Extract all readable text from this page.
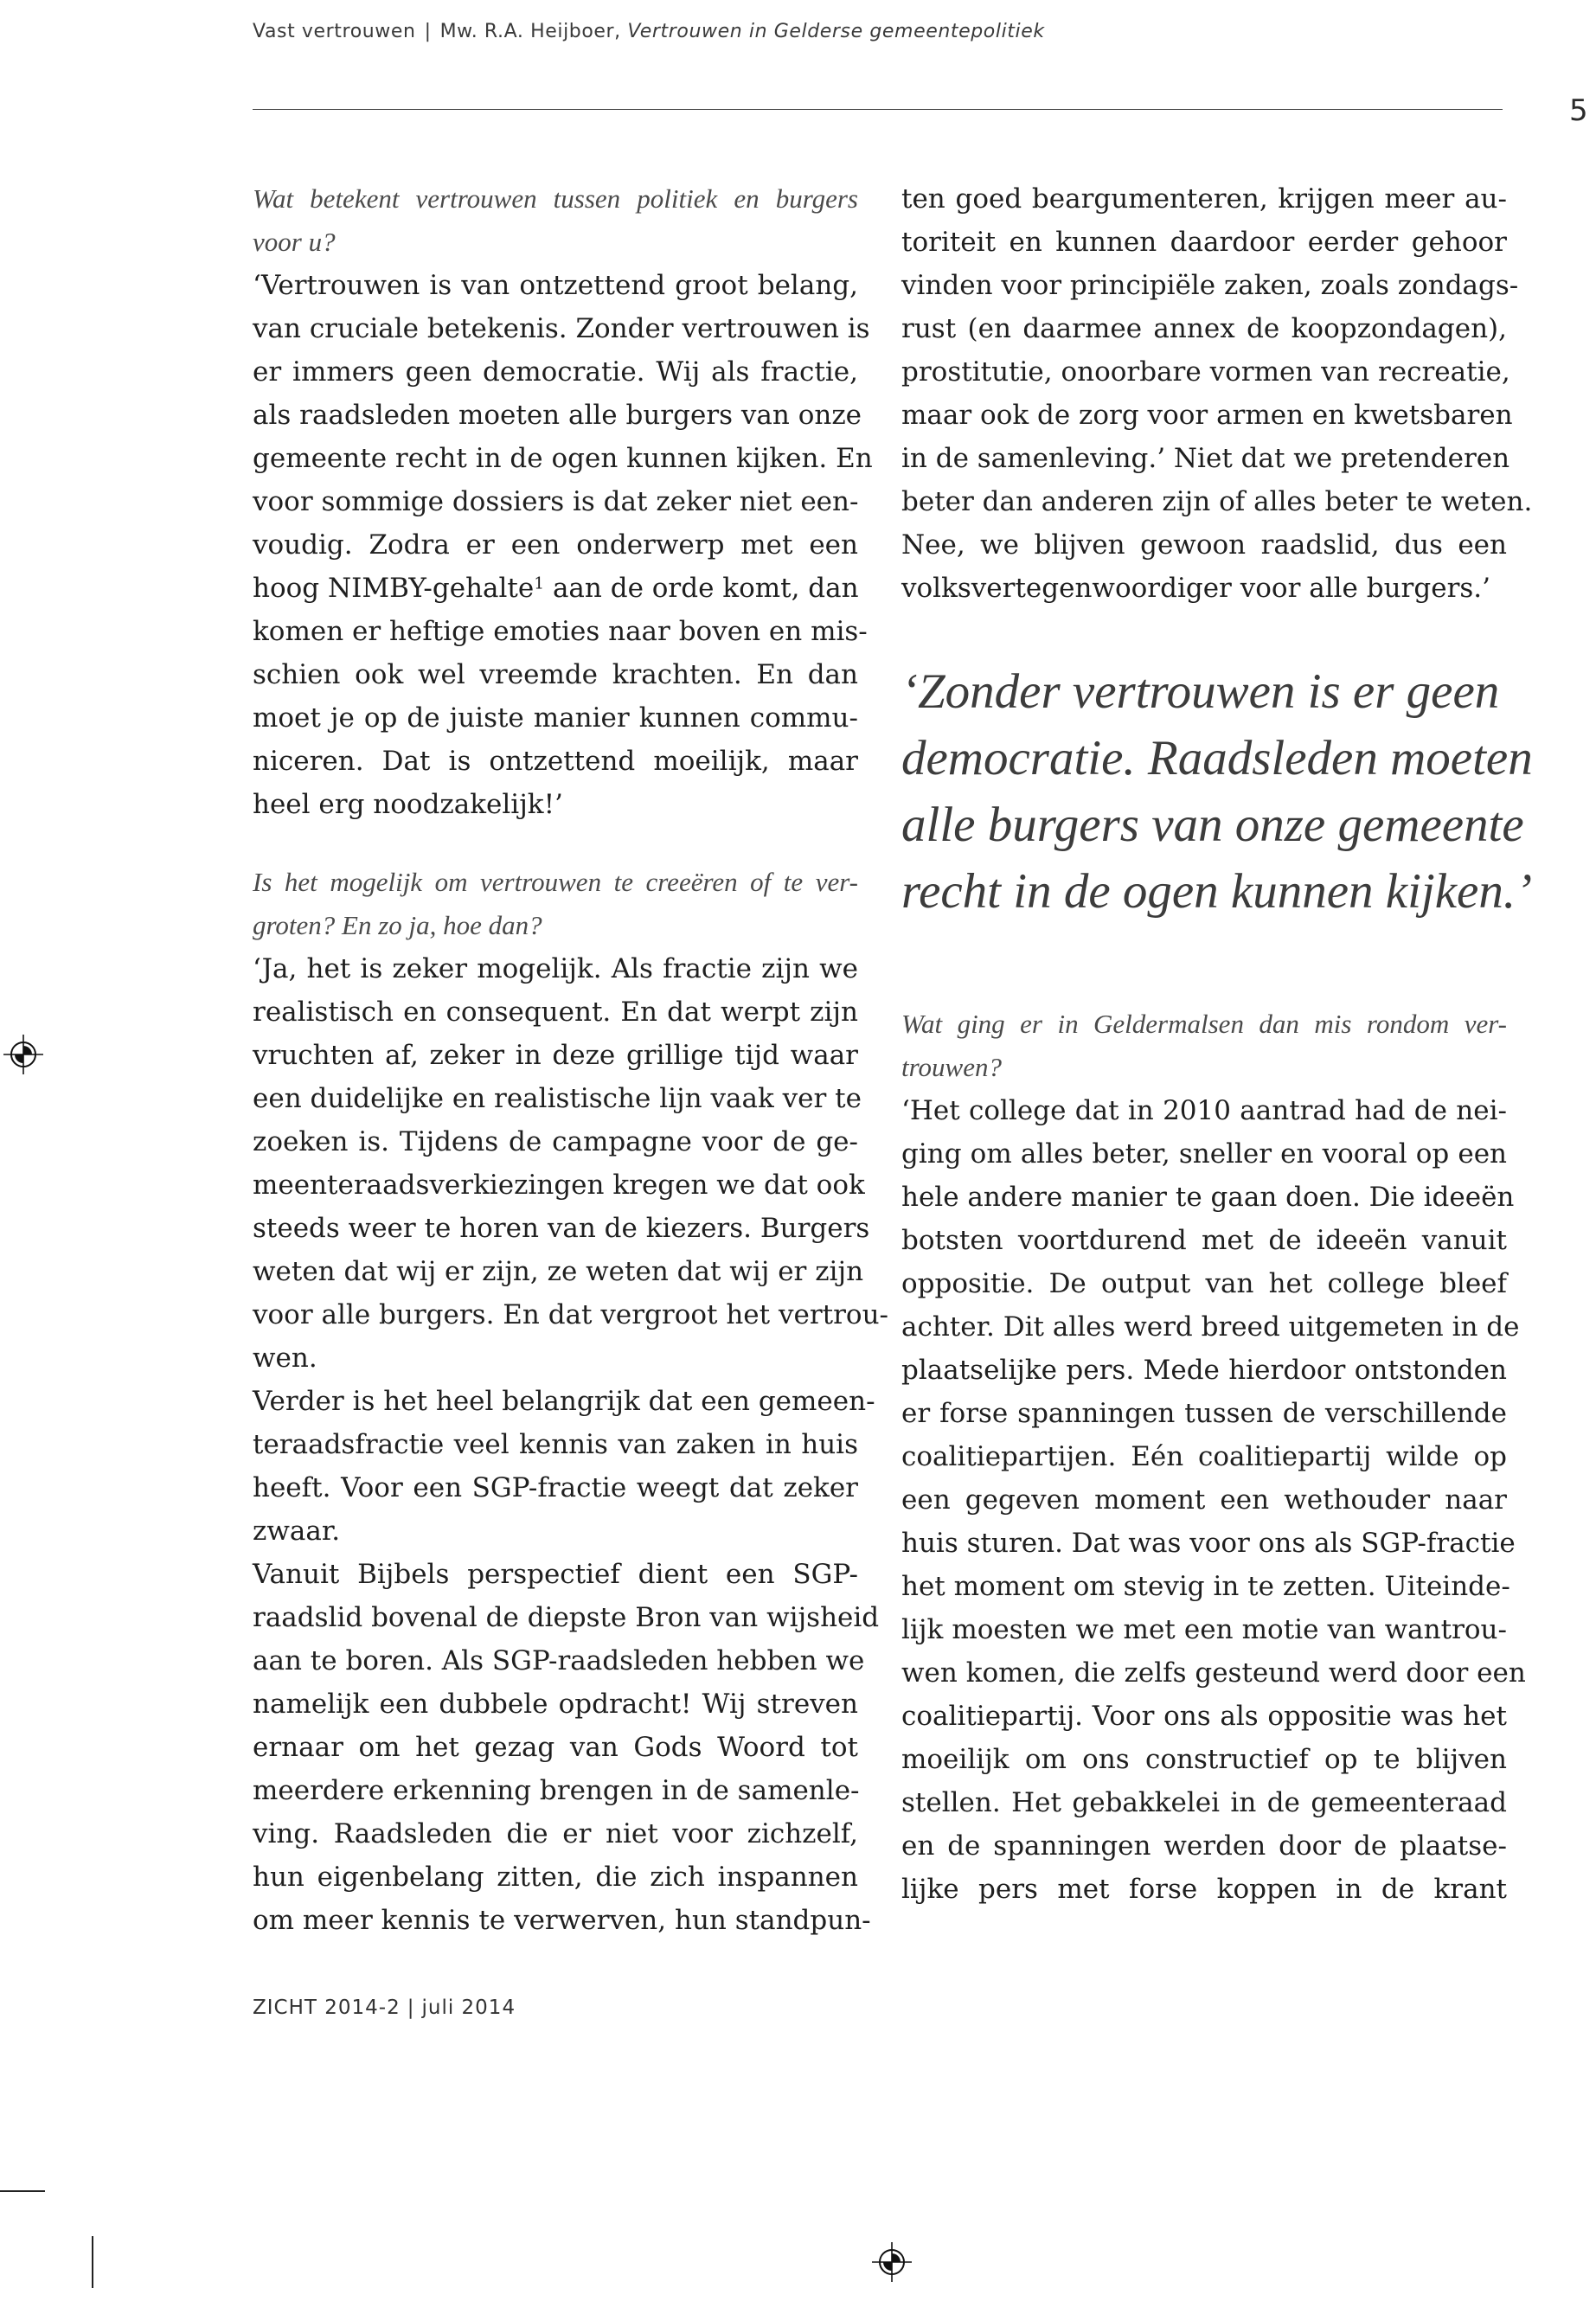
Vast vertrouwen | Mw. R.A. Heijboer, Vertrouwen in Gelderse gemeentepolitiek
5
Wat betekent vertrouwen tussen politiek en burgers
voor u?
‘Vertrouwen is van ontzettend groot belang,
van cruciale betekenis. Zonder vertrouwen is
er immers geen democratie. Wij als fractie,
als raadsleden moeten alle burgers van onze
gemeente recht in de ogen kunnen kijken. En
voor sommige dossiers is dat zeker niet een-
voudig. Zodra er een onderwerp met een
hoog NIMBY-gehalte$^1$ aan de orde komt, dan
komen er heftige emoties naar boven en mis-
schien ook wel vreemde krachten. En dan
moet je op de juiste manier kunnen commu-
niceren. Dat is ontzettend moeilijk, maar
heel erg noodzakelijk!’
Is het mogelijk om vertrouwen te creeëren of te ver-
groten? En zo ja, hoe dan?
‘Ja, het is zeker mogelijk. Als fractie zijn we
realistisch en consequent. En dat werpt zijn
vruchten af, zeker in deze grillige tijd waar
een duidelijke en realistische lijn vaak ver te
zoeken is. Tijdens de campagne voor de ge-
meenteraadsverkiezingen kregen we dat ook
steeds weer te horen van de kiezers. Burgers
weten dat wij er zijn, ze weten dat wij er zijn
voor alle burgers. En dat vergroot het vertrou-
wen.
Verder is het heel belangrijk dat een gemeen-
teraadsfractie veel kennis van zaken in huis
heeft. Voor een SGP-fractie weegt dat zeker
zwaar.
Vanuit Bijbels perspectief dient een SGP-
raadslid bovenal de diepste Bron van wijsheid
aan te boren. Als SGP-raadsleden hebben we
namelijk een dubbele opdracht! Wij streven
ernaar om het gezag van Gods Woord tot
meerdere erkenning brengen in de samenle-
ving. Raadsleden die er niet voor zichzelf,
hun eigenbelang zitten, die zich inspannen
om meer kennis te verwerven, hun standpun-
ten goed beargumenteren, krijgen meer au-
toriteit en kunnen daardoor eerder gehoor
vinden voor principiële zaken, zoals zondags-
rust (en daarmee annex de koopzondagen),
prostitutie, onoorbare vormen van recreatie,
maar ook de zorg voor armen en kwetsbaren
in de samenleving.’ Niet dat we pretenderen
beter dan anderen zijn of alles beter te weten.
Nee, we blijven gewoon raadslid, dus een
volksvertegenwoordiger voor alle burgers.’
‘Zonder vertrouwen is er geen
democratie. Raadsleden moeten
alle burgers van onze gemeente
recht in de ogen kunnen kijken.’
Wat ging er in Geldermalsen dan mis rondom ver-
trouwen?
‘Het college dat in 2010 aantrad had de nei-
ging om alles beter, sneller en vooral op een
hele andere manier te gaan doen. Die ideeën
botsten voortdurend met de ideeën vanuit
oppositie. De output van het college bleef
achter. Dit alles werd breed uitgemeten in de
plaatselijke pers. Mede hierdoor ontstonden
er forse spanningen tussen de verschillende
coalitiepartijen. Eén coalitiepartij wilde op
een gegeven moment een wethouder naar
huis sturen. Dat was voor ons als SGP-fractie
het moment om stevig in te zetten. Uiteinde-
lijk moesten we met een motie van wantrou-
wen komen, die zelfs gesteund werd door een
coalitiepartij. Voor ons als oppositie was het
moeilijk om ons constructief op te blijven
stellen. Het gebakkelei in de gemeenteraad
en de spanningen werden door de plaatse-
lijke pers met forse koppen in de krant
ZICHT 2014-2 | juli 2014
